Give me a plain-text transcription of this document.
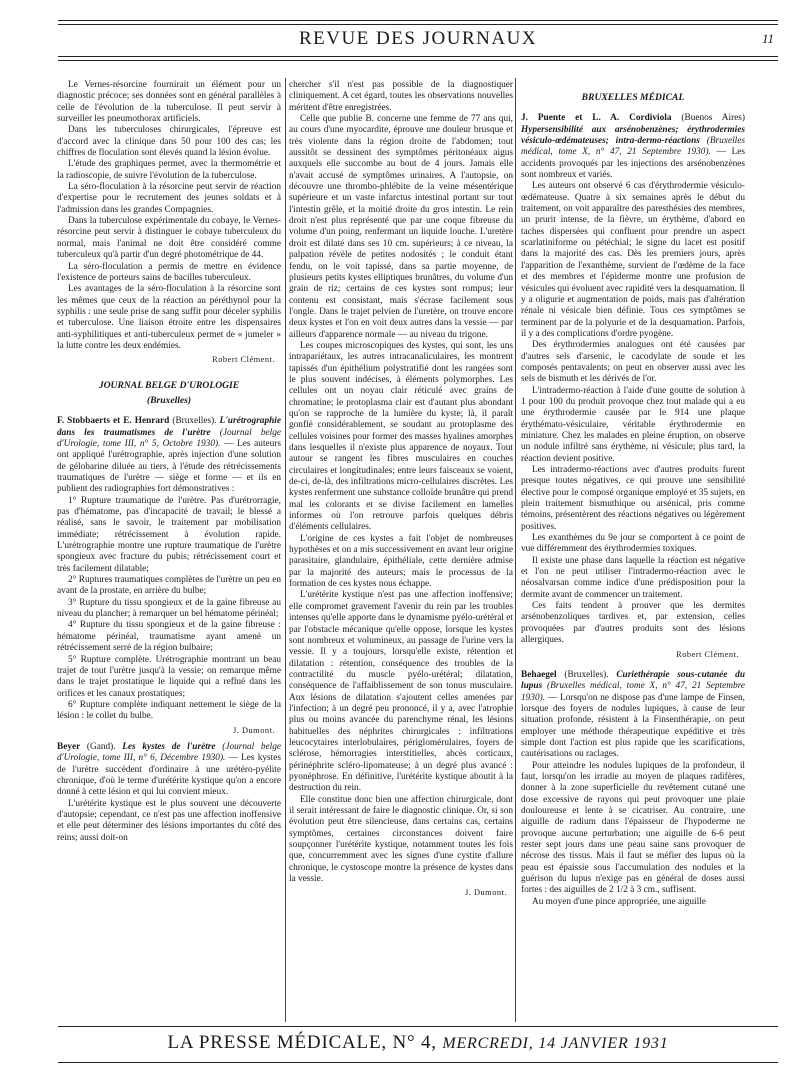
REVUE DES JOURNAUX	11

Le Vernes-résorcine fournirait un élément pour un diagnostic précoce; ses données sont en général parallèles à celle de l'évolution de la tuberculose. Il peut servir à surveiller les pneumothorax artificiels.

Dans les tuberculoses chirurgicales, l'épreuve est d'accord avec la clinique dans 50 pour 100 des cas; les chiffres de floculation sont élevés quand la lésion évolue.

L'étude des graphiques permet, avec la thermométrie et la radioscopie, de suivre l'évolution de la tuberculose.

La séro-floculation à la résorcine peut servir de réaction d'expertise pour le recrutement des jeunes soldats et à l'admission dans les grandes Compagnies.

Dans la tuberculose expérimentale du cobaye, le Vernes-résorcine peut servir à distinguer le cobaye tuberculeux du normal, mais l'animal ne doit être considéré comme tuberculeux qu'à partir d'un degré photométrique de 44.

La séro-floculation a permis de mettre en évidence l'existence de porteurs sains de bacilles tuberculeux.

Les avantages de la séro-floculation à la résorcine sont les mêmes que ceux de la réaction au péréthynol pour la syphilis : une seule prise de sang suffit pour déceler syphilis et tuberculose. Une liaison étroite entre les dispensaires anti-syphilitiques et anti-tuberculeux permet de « jumeler » la lutte contre les deux endémies.

Robert Clément.
JOURNAL BELGE D'UROLOGIE
(Bruxelles)

F. Stobbaerts et E. Henrard (Bruxelles). L'urétrographie dans les traumatismes de l'urètre (Journal belge d'Urologie, tome III, n° 5, Octobre 1930). — Les auteurs ont appliqué l'urétrographie, après injection d'une solution de gélobarine diluée au tiers, à l'étude des rétrécissements traumatiques de l'urètre — siège et forme — et ils en publient des radiographies fort démonstratives :

1° Rupture traumatique de l'urètre. Pas d'urétrorragie, pas d'hématome, pas d'incapacité de travail; le blessé a réalisé, sans le savoir, le traitement par mobilisation immédiate; rétrécissement à évolution rapide. L'urétrographie montre une rupture traumatique de l'urètre spongieux avec fracture du pubis; rétrécissement court et très facilement dilatable;

2° Ruptures traumatiques complètes de l'urètre un peu en avant de la prostate, en arrière du bulbe;

3° Rupture du tissu spongieux et de la gaine fibreuse au niveau du plancher; à remarquer un bel hématome périnéal;

4° Rupture du tissu spongieux et de la gaine fibreuse : hématome périnéal, traumatisme ayant amené un rétrécissement serré de la région bulbaire;

5° Rupture complète. Urétrographie montrant un beau trajet de tout l'urètre jusqu'à la vessie; on remarque même dans le trajet prostatique le liquide qui a reflué dans les orifices et les canaux prostatiques;

6° Rupture complète indiquant nettement le siège de la lésion : le collet du bulbe.

J. Dumont.

Beyer (Gand). Les kystes de l'urètre (Journal belge d'Urologie, tome III, n° 6, Décembre 1930). — Les kystes de l'urètre succèdent d'ordinaire à une urétéro-pyélite chronique, d'où le terme d'urétérite kystique qu'on a encore donné à cette lésion et qui lui convient mieux.

L'urétérite kystique est le plus souvent une découverte d'autopsie; cependant, ce n'est pas une affection inoffensive et elle peut déterminer des lésions importantes du côté des reins; aussi doit-on

chercher s'il n'est pas possible de la diagnostiquer cliniquement. A cet égard, toutes les observations nouvelles méritent d'être enregistrées.

Celle que publie B. concerne une femme de 77 ans qui, au cours d'une myocardite, éprouve une douleur brusque et très violente dans la région droite de l'abdomen; tout aussitôt se dessinent des symptômes péritonéaux aigus auxquels elle succombe au bout de 4 jours. Jamais elle n'avait accusé de symptômes urinaires. A l'autopsie, on découvre une thrombo-phlébite de la veine mésentérique supérieure et un vaste infarctus intestinal portant sur tout l'intestin grêle, et la moitié droite du gros intestin. Le rein droit n'est plus représenté que par une coque fibreuse du volume d'un poing, renfermant un liquide louche. L'uretère droit est dilaté dans ses 10 cm. supérieurs; à ce niveau, la palpation révèle de petites nodosités ; le conduit étant fendu, on le voit tapissé, dans sa partie moyenne, de plusieurs petits kystes elliptiques brunâtres, du volume d'un grain de riz; certains de ces kystes sont rompus; leur contenu est consistant, mais s'écrase facilement sous l'ongle. Dans le trajet pelvien de l'uretère, on trouve encore deux kystes et l'on en voit deux autres dans la vessie — par ailleurs d'apparence normale — au niveau du trigone.

Les coupes microscopiques des kystes, qui sont, les uns intrapariétaux, les autres intracanaliculaires, les montrent tapissés d'un épithélium polystratifié dont les rangées sont le plus souvent indécises, à éléments polymorphes. Les cellules ont un noyau clair réticulé avec grains de chromatine; le protoplasma clair est d'autant plus abondant qu'on se rapproche de la lumière du kyste; là, il paraît gonflé considérablement, se soudant au protoplasme des cellules voisines pour former des masses hyalines amorphes dans lesquelles il n'existe plus apparence de noyaux. Tout autour se rangent les fibres musculaires en couches circulaires et longitudinales; entre leurs faisceaux se voient, de-ci, de-là, des infiltrations micro-cellulaires discrètes. Les kystes renferment une substance colloïde brunâtre qui prend mal les colorants et se divise facilement en lamelles informes où l'on retrouve parfois quelques débris d'éléments cellulaires.

L'origine de ces kystes a fait l'objet de nombreuses hypothèses et on a mis successivement en avant leur origine parasitaire, glandulaire, épithéliale, cette dernière admise par la majorité des auteurs; mais le processus de la formation de ces kystes nous échappe.

L'urétérite kystique n'est pas une affection inoffensive; elle compromet gravement l'avenir du rein par les troubles intenses qu'elle apporte dans le dynamisme pyélo-urétéral et par l'obstacle mécanique qu'elle oppose, lorsque les kystes sont nombreux et volumineux, au passage de l'urine vers la vessie. Il y a toujours, lorsqu'elle existe, rétention et dilatation : rétention, conséquence des troubles de la contractilité du muscle pyélo-urétéral; dilatation, conséquence de l'affaiblissement de son tonus musculaire. Aux lésions de dilatation s'ajoutent celles amenées par l'infection; à un degré peu prononcé, il y a, avec l'atrophie plus ou moins avancée du parenchyme rénal, les lésions habituelles des néphrites chirurgicales : infiltrations leucocytaires interlobulaires, périglomérulaires, foyers de sclérose, hémorragies interstitielles, abcès corticaux, périnéphrite scléro-lipomateuse; à un degré plus avancé : pyonéphrose. En définitive, l'urétérite kystique aboutit à la destruction du rein.

Elle constitue donc bien une affection chirurgicale, dont il serait intéressant de faire le diagnostic clinique. Or, si son évolution peut être silencieuse, dans certains cas, certains symptômes, certaines circonstances doivent faire soupçonner l'urétérite kystique, notamment toutes les fois que, concurremment avec les signes d'une cystite d'allure chronique, le cystoscope montre la présence de kystes dans la vessie.

J. Dumont.
BRUXELLES MÉDICAL

J. Puente et L. A. Cordiviola (Buenos Aires) Hypersensibilité aux arsénobenzènes; érythrodermies vésiculo-œdémateuses; intra-dermo-réactions (Bruxelles médical, tome X, n° 47, 21 Septembre 1930). — Les accidents provoqués par les injections des arsénobenzènes sont nombreux et variés.

Les auteurs ont observé 6 cas d'érythrodermie vésiculo-œdémateuse. Quatre à six semaines après le début du traitement, on voit apparaître des paresthésies des membres, un prurit intense, de la fièvre, un érythème, d'abord en taches dispersées qui confluent pour prendre un aspect scarlatiniforme ou pétéchial; le signe du lacet est positif dans la majorité des cas. Dès les premiers jours, après l'apparition de l'exanthème, survient de l'œdème de la face et des membres et l'épiderme montre une profusion de vésicules qui évoluent avec rapidité vers la desquamation. Il y a oligurie et augmentation de poids, mais pas d'altération rénale ni vésicale bien définie. Tous ces symptômes se terminent par de la polyurie et de la desquamation. Parfois, il y a des complications d'ordre pyogène.

Des érythrodermies analogues ont été causées par d'autres sels d'arsenic, le cacodylate de soude et les composés pentavalents; on peut en observer aussi avec les sels de bismuth et les dérivés de l'or.

L'intradermo-réaction à l'aide d'une goutte de solution à 1 pour 100 du produit provoque chez tout malade qui a eu une érythrodermie causée par le 914 une plaque érythémato-vésiculaire, véritable érythrodermie en miniature. Chez les malades en pleine éruption, on observe un nodule infiltré sans érythème, ni vésicule; plus tard, la réaction devient positive.

Les intradermo-réactions avec d'autres produits furent presque toutes négatives, ce qui prouve une sensibilité élective pour le composé organique employé et 35 sujets, en plein traitement bismuthique ou arsénical, pris comme témoins, présentèrent des réactions négatives ou légèrement positives.

Les exanthèmes du 9e jour se comportent à ce point de vue différemment des érythrodermies toxiques.

Il existe une phase dans laquelle la réaction est négative et l'on ne peut utiliser l'intradermo-réaction avec le néosalvarsan comme indice d'une prédisposition pour la dermite avant de commencer un traitement.

Ces faits tendent à prouver que les dermites arsénobenzoliques tardives et, par extension, celles provoquées par d'autres produits sont des lésions allergiques.

Robert Clément.

Behaegel (Bruxelles). Curiethérapie sous-cutanée du lupus (Bruxelles médical, tome X, n° 47, 21 Septembre 1930). — Lorsqu'on ne dispose pas d'une lampe de Finsen, lorsque des foyers de nodules lupiques, à cause de leur situation profonde, résistent à la Finsenthérapie, on peut employer une méthode thérapeutique expéditive et très simple dont l'action est plus rapide que les scarifications, cautérisations ou raclages.

Pour atteindre les nodules lupiques de la profondeur, il faut, lorsqu'on les irradie au moyen de plaques radifères, donner à la zone superficielle du revêtement cutané une dose excessive de rayons qui peut provoquer une plaie douloureuse et lente à se cicatriser. Au contraire, une aiguille de radium dans l'épaisseur de l'hypoderme ne provoque aucune perturbation; une aiguille de 6-6 peut rester sept jours dans une peau saine sans provoquer de nécrose des tissus. Mais il faut se méfier des lupus où la peau est épaissie sous l'accumulation des nodules et la guérison du lupus n'exige pas en général de doses aussi fortes : des aiguilles de 2 1/2 à 3 cm., suffisent.

Au moyen d'une pince appropriée, une aiguille

LA PRESSE MÉDICALE, N° 4, MERCREDI, 14 JANVIER 1931
